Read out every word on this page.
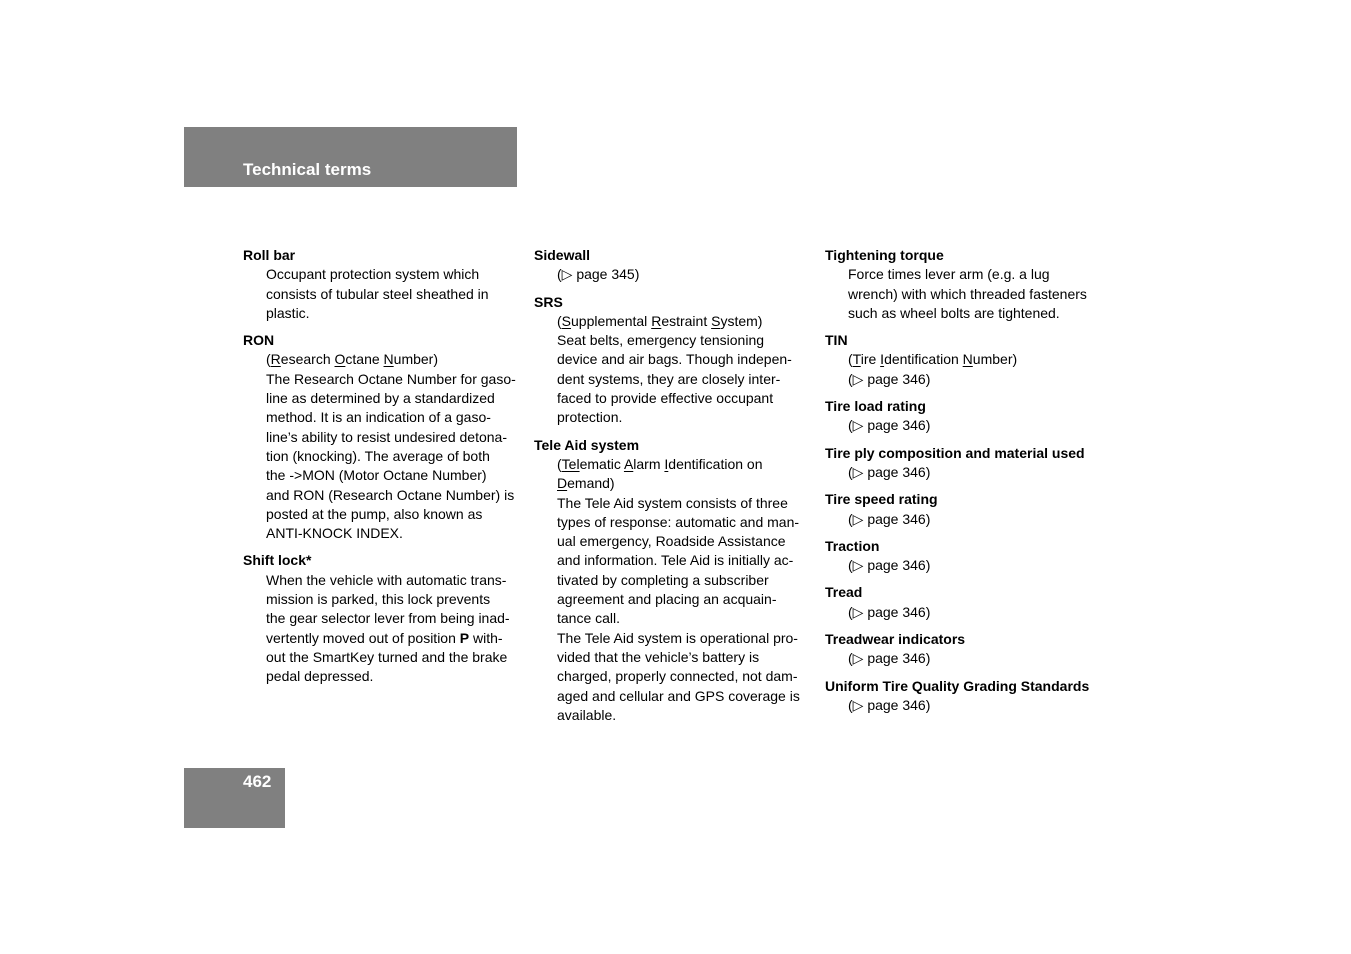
Technical terms
Roll bar
Occupant protection system which
consists of tubular steel sheathed in
plastic.
RON
(Research Octane Number)
The Research Octane Number for gaso-
line as determined by a standardized
method. It is an indication of a gaso-
line’s ability to resist undesired detona-
tion (knocking). The average of both
the ->MON (Motor Octane Number)
and RON (Research Octane Number) is
posted at the pump, also known as
ANTI-KNOCK INDEX.
Shift lock*
When the vehicle with automatic trans-
mission is parked, this lock prevents
the gear selector lever from being inad-
vertently moved out of position P with-
out the SmartKey turned and the brake
pedal depressed.
Sidewall
(▷ page 345)
SRS
(Supplemental Restraint System)
Seat belts, emergency tensioning
device and air bags. Though indepen-
dent systems, they are closely inter-
faced to provide effective occupant
protection.
Tele Aid system
(Telematic Alarm Identification on
Demand)
The Tele Aid system consists of three
types of response: automatic and man-
ual emergency, Roadside Assistance
and information. Tele Aid is initially ac-
tivated by completing a subscriber
agreement and placing an acquain-
tance call.
The Tele Aid system is operational pro-
vided that the vehicle’s battery is
charged, properly connected, not dam-
aged and cellular and GPS coverage is
available.
Tightening torque
Force times lever arm (e.g. a lug
wrench) with which threaded fasteners
such as wheel bolts are tightened.
TIN
(Tire Identification Number)
(▷ page 346)
Tire load rating
(▷ page 346)
Tire ply composition and material used
(▷ page 346)
Tire speed rating
(▷ page 346)
Traction
(▷ page 346)
Tread
(▷ page 346)
Treadwear indicators
(▷ page 346)
Uniform Tire Quality Grading Standards
(▷ page 346)
462
